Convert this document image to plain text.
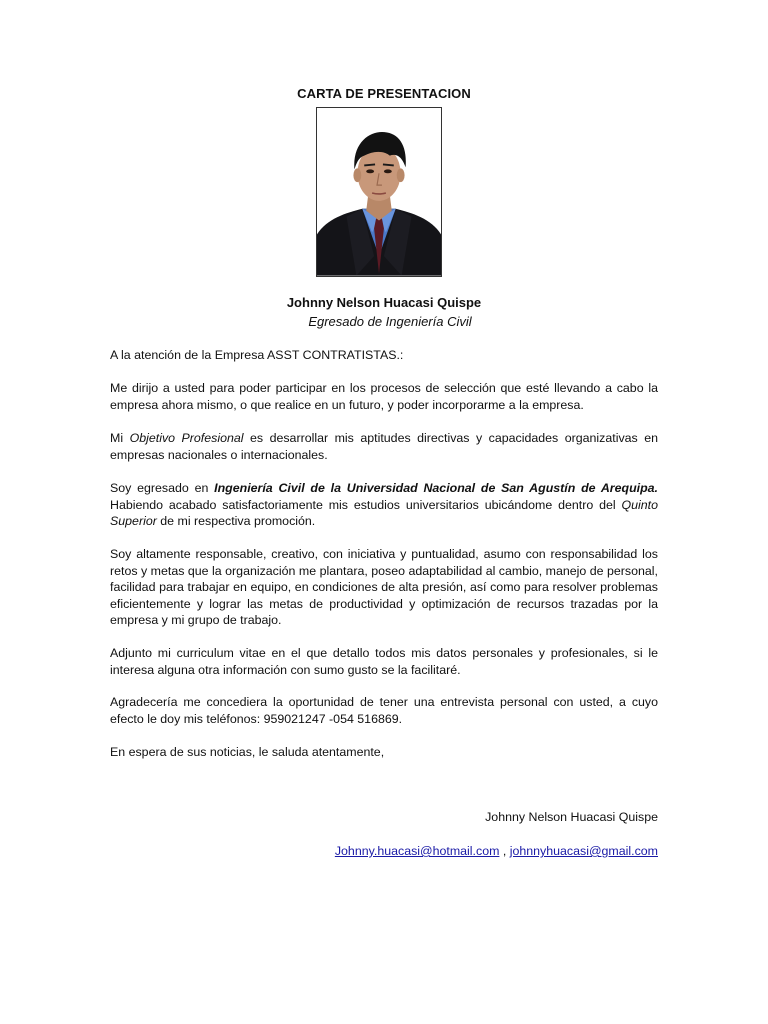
CARTA DE PRESENTACION
Johnny Nelson Huacasi Quispe
Egresado de Ingeniería Civil
A la atención de la Empresa ASST CONTRATISTAS.:
Me dirijo a usted para poder participar en los procesos de selección que esté llevando a cabo la empresa ahora mismo, o que realice en un futuro, y poder incorporarme a la empresa.
Mi Objetivo Profesional es desarrollar mis aptitudes directivas y capacidades organizativas en empresas nacionales o internacionales.
Soy egresado en Ingeniería Civil de la Universidad Nacional de San Agustín de Arequipa. Habiendo acabado satisfactoriamente mis estudios universitarios ubicándome dentro del Quinto Superior de mi respectiva promoción.
Soy altamente responsable, creativo, con iniciativa y puntualidad, asumo con responsabilidad los retos y metas que la organización me plantara, poseo adaptabilidad al cambio, manejo de personal, facilidad para trabajar en equipo, en condiciones de alta presión, así como para resolver problemas eficientemente y lograr las metas de productividad y optimización de recursos trazadas por la empresa y mi grupo de trabajo.
Adjunto mi curriculum vitae en el que detallo todos mis datos personales y profesionales, si le interesa alguna otra información con sumo gusto se la facilitaré.
Agradecería me concediera la oportunidad de tener una entrevista personal con usted, a cuyo efecto le doy mis teléfonos: 959021247 -054 516869.
En espera de sus noticias, le saluda atentamente,
Johnny Nelson Huacasi Quispe
Johnny.huacasi@hotmail.com , johnnyhuacasi@gmail.com
